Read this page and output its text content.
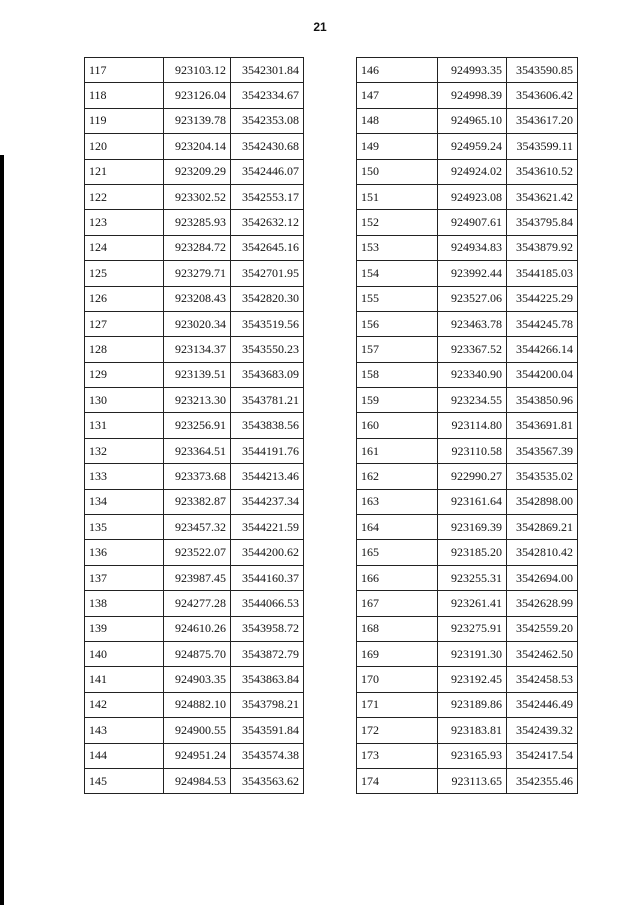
21
117	923103.12	3542301.84
118	923126.04	3542334.67
119	923139.78	3542353.08
120	923204.14	3542430.68
121	923209.29	3542446.07
122	923302.52	3542553.17
123	923285.93	3542632.12
124	923284.72	3542645.16
125	923279.71	3542701.95
126	923208.43	3542820.30
127	923020.34	3543519.56
128	923134.37	3543550.23
129	923139.51	3543683.09
130	923213.30	3543781.21
131	923256.91	3543838.56
132	923364.51	3544191.76
133	923373.68	3544213.46
134	923382.87	3544237.34
135	923457.32	3544221.59
136	923522.07	3544200.62
137	923987.45	3544160.37
138	924277.28	3544066.53
139	924610.26	3543958.72
140	924875.70	3543872.79
141	924903.35	3543863.84
142	924882.10	3543798.21
143	924900.55	3543591.84
144	924951.24	3543574.38
145	924984.53	3543563.62
146	924993.35	3543590.85
147	924998.39	3543606.42
148	924965.10	3543617.20
149	924959.24	3543599.11
150	924924.02	3543610.52
151	924923.08	3543621.42
152	924907.61	3543795.84
153	924934.83	3543879.92
154	923992.44	3544185.03
155	923527.06	3544225.29
156	923463.78	3544245.78
157	923367.52	3544266.14
158	923340.90	3544200.04
159	923234.55	3543850.96
160	923114.80	3543691.81
161	923110.58	3543567.39
162	922990.27	3543535.02
163	923161.64	3542898.00
164	923169.39	3542869.21
165	923185.20	3542810.42
166	923255.31	3542694.00
167	923261.41	3542628.99
168	923275.91	3542559.20
169	923191.30	3542462.50
170	923192.45	3542458.53
171	923189.86	3542446.49
172	923183.81	3542439.32
173	923165.93	3542417.54
174	923113.65	3542355.46
